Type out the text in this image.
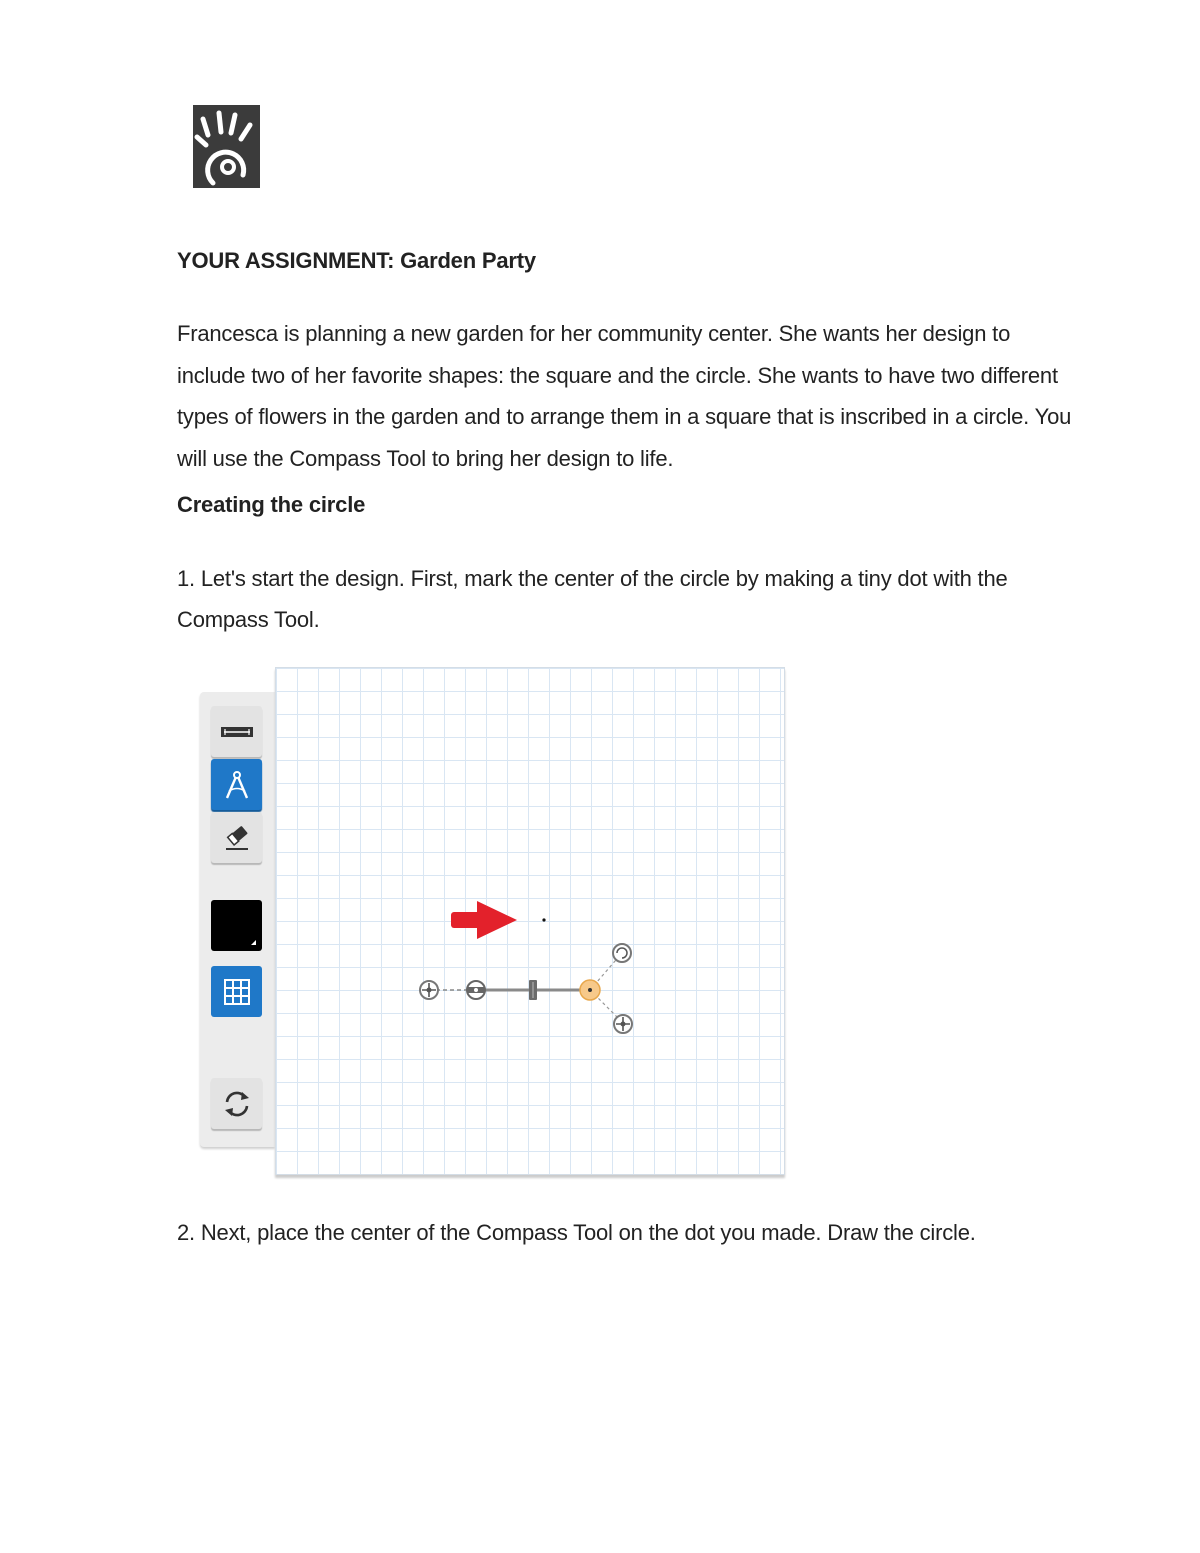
YOUR ASSIGNMENT: Garden Party

Francesca is planning a new garden for her community center. She wants her design to include two of her favorite shapes: the square and the circle. She wants to have two different types of flowers in the garden and to arrange them in a square that is inscribed in a circle. You will use the Compass Tool to bring her design to life.

Creating the circle

1. Let's start the design. First, mark the center of the circle by making a tiny dot with the Compass Tool.

2. Next, place the center of the Compass Tool on the dot you made. Draw the circle.
